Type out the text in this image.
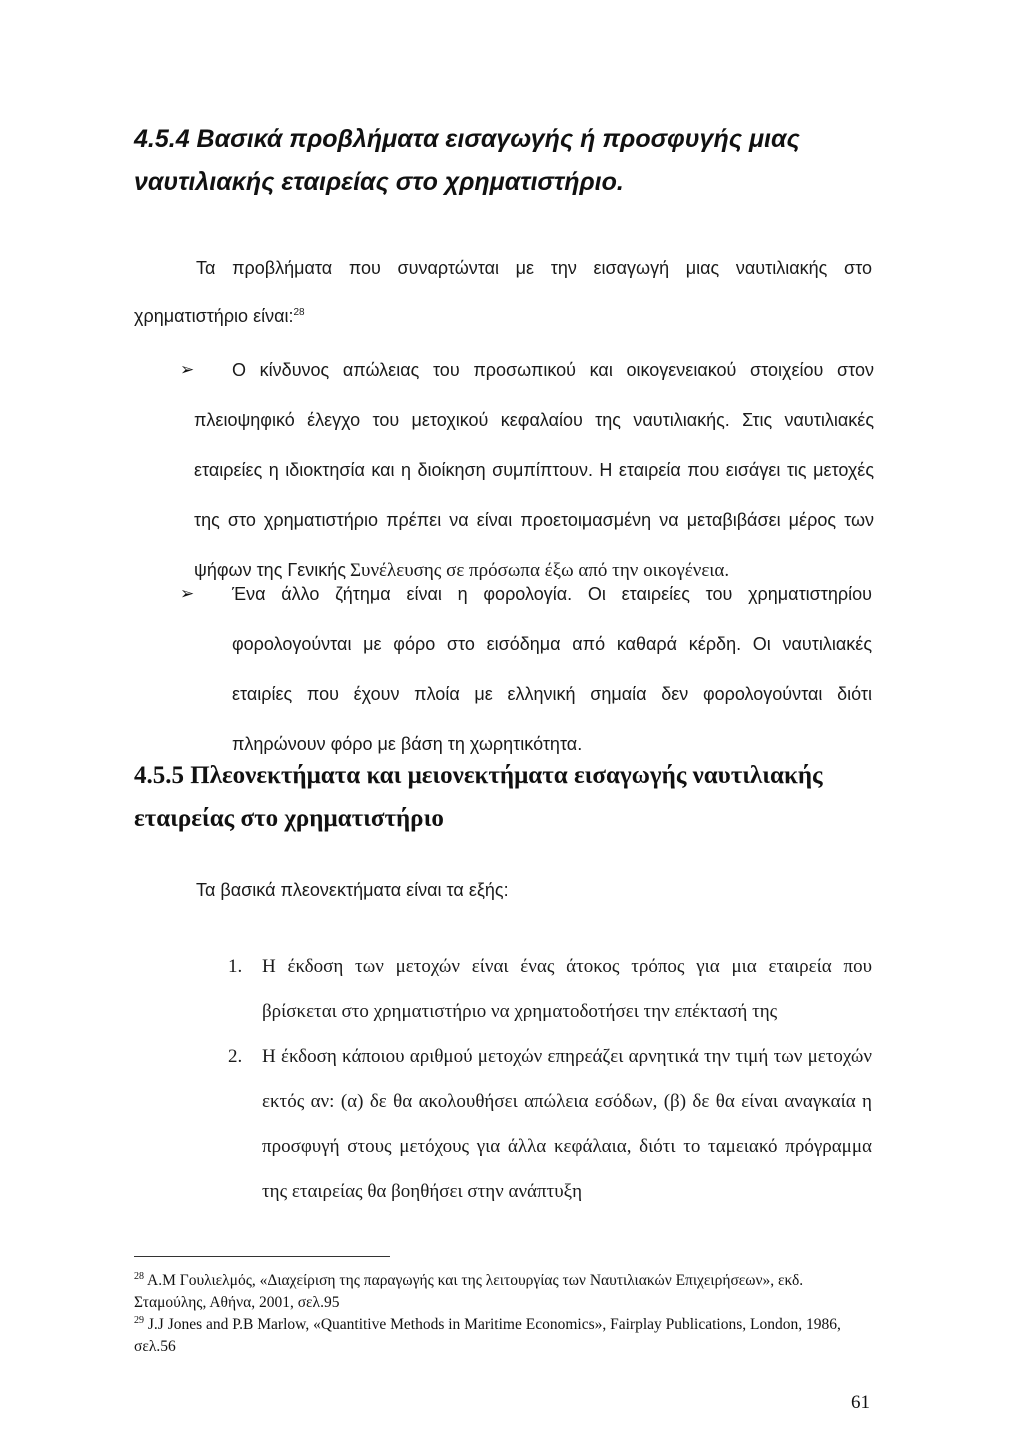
4.5.4 Βασικά προβλήματα εισαγωγής ή προσφυγής μιας ναυτιλιακής εταιρείας στο χρηματιστήριο.
Τα προβλήματα που συναρτώνται με την εισαγωγή μιας ναυτιλιακής στο χρηματιστήριο είναι:$^{28}$
➢	Ο κίνδυνος απώλειας του προσωπικού και οικογενειακού στοιχείου στον πλειοψηφικό έλεγχο του μετοχικού κεφαλαίου της ναυτιλιακής. Στις ναυτιλιακές εταιρείες η ιδιοκτησία και η διοίκηση συμπίπτουν. Η εταιρεία που εισάγει τις μετοχές της στο χρηματιστήριο πρέπει να είναι προετοιμασμένη να μεταβιβάσει μέρος των ψήφων της Γενικής Συνέλευσης σε πρόσωπα έξω από την οικογένεια.
➢ Ένα άλλο ζήτημα είναι η φορολογία. Οι εταιρείες του χρηματιστηρίου φορολογούνται με φόρο στο εισόδημα από καθαρά κέρδη. Οι ναυτιλιακές εταιρίες που έχουν πλοία με ελληνική σημαία δεν φορολογούνται διότι πληρώνουν φόρο με βάση τη χωρητικότητα.
4.5.5 Πλεονεκτήματα και μειονεκτήματα εισαγωγής ναυτιλιακής εταιρείας στο χρηματιστήριο
Τα βασικά πλεονεκτήματα είναι τα εξής:
1. Η έκδοση των μετοχών είναι ένας άτοκος τρόπος για μια εταιρεία που βρίσκεται στο χρηματιστήριο να χρηματοδοτήσει την επέκτασή της
2. Η έκδοση κάποιου αριθμού μετοχών επηρεάζει αρνητικά την τιμή των μετοχών εκτός αν: (α) δε θα ακολουθήσει απώλεια εσόδων, (β) δε θα είναι αναγκαία η προσφυγή στους μετόχους για άλλα κεφάλαια, διότι το ταμειακό πρόγραμμα της εταιρείας θα βοηθήσει στην ανάπτυξη
$^{28}$ Α.Μ Γουλιελμός, «Διαχείριση της παραγωγής και της λειτουργίας των Ναυτιλιακών Επιχειρήσεων», εκδ. Σταμούλης, Αθήνα, 2001, σελ.95
$^{29}$ J.J Jones and P.B Marlow, «Quantitive Methods in Maritime Economics», Fairplay Publications, London, 1986, σελ.56
61
